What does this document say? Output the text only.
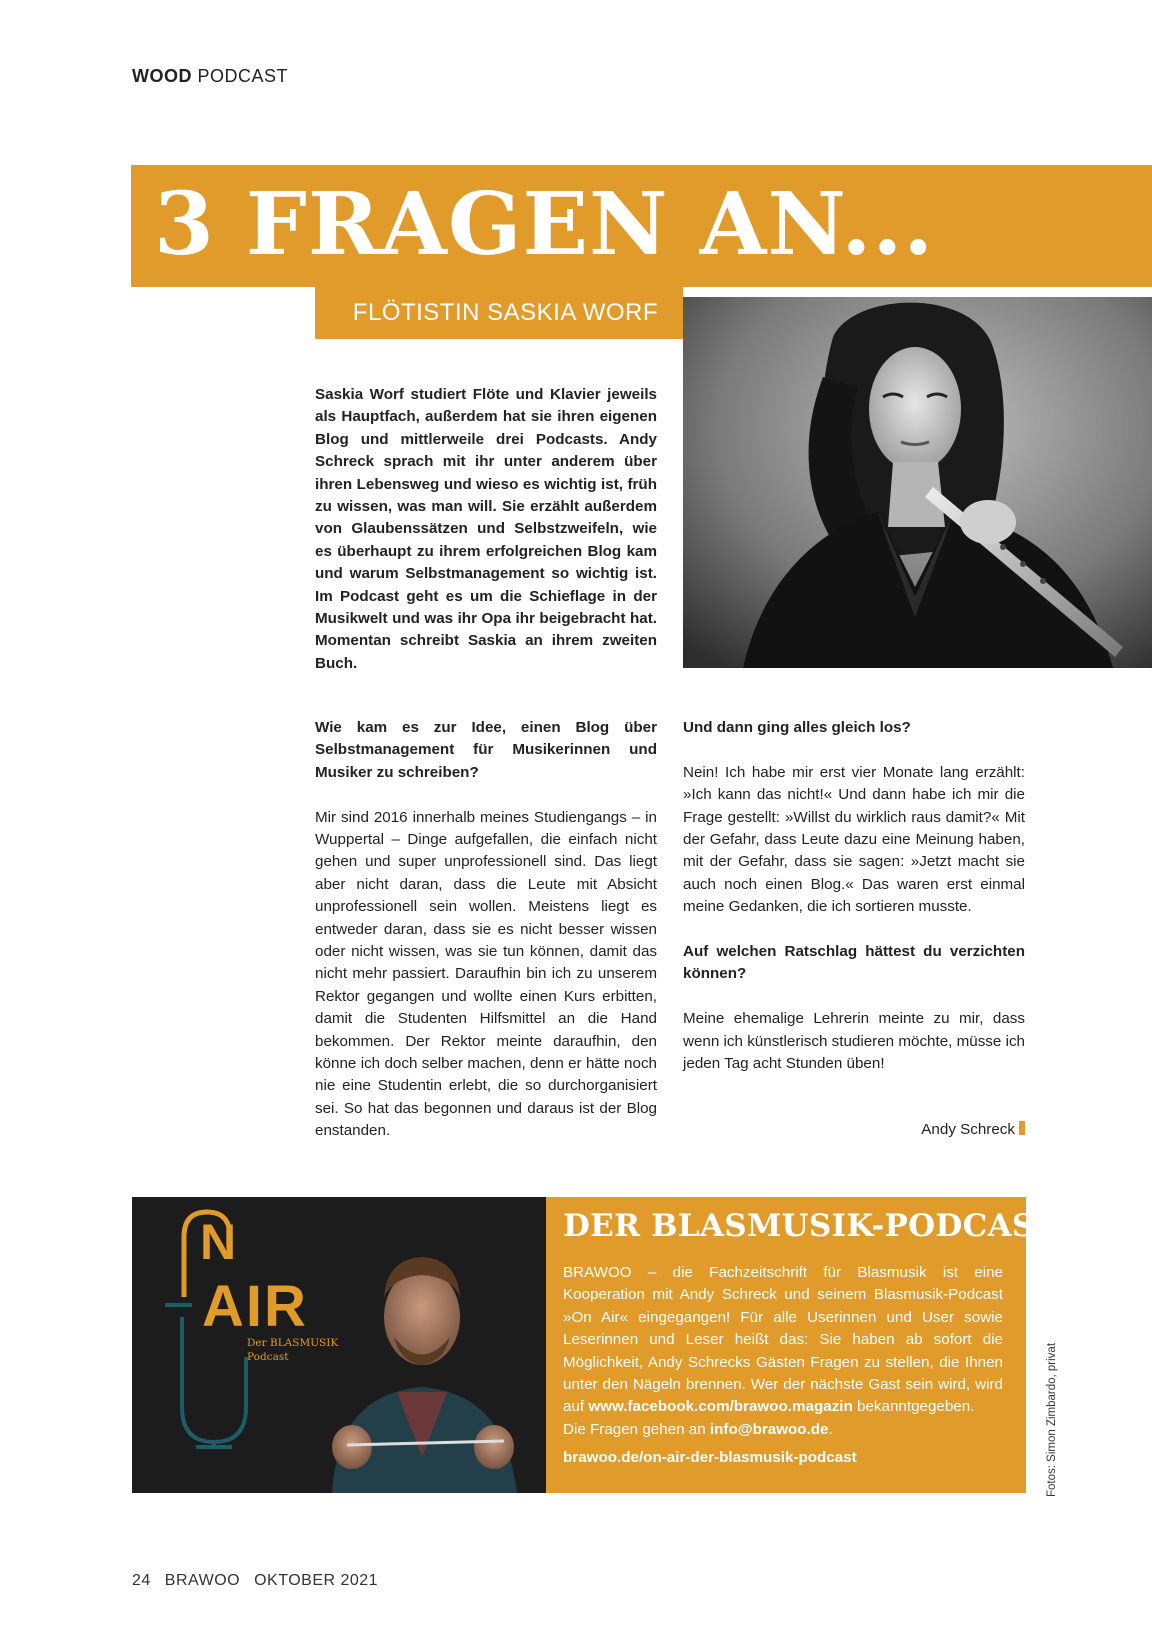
WOOD PODCAST
3 FRAGEN AN...
FLÖTISTIN SASKIA WORF
Saskia Worf studiert Flöte und Klavier jeweils als Hauptfach, außerdem hat sie ihren eigenen Blog und mittlerweile drei Podcasts. Andy Schreck sprach mit ihr unter anderem über ihren Lebensweg und wieso es wichtig ist, früh zu wissen, was man will. Sie erzählt außerdem von Glaubenssätzen und Selbstzweifeln, wie es überhaupt zu ihrem erfolgreichen Blog kam und warum Selbstmanagement so wichtig ist. Im Podcast geht es um die Schieflage in der Musikwelt und was ihr Opa ihr beigebracht hat. Momentan schreibt Saskia an ihrem zweiten Buch.

Wie kam es zur Idee, einen Blog über Selbstmanagement für Musikerinnen und Musiker zu schreiben?

Mir sind 2016 innerhalb meines Studiengangs – in Wuppertal – Dinge aufgefallen, die einfach nicht gehen und super unprofessionell sind. Das liegt aber nicht daran, dass die Leute mit Absicht unprofessionell sein wollen. Meistens liegt es entweder daran, dass sie es nicht besser wissen oder nicht wissen, was sie tun können, damit das nicht mehr passiert. Daraufhin bin ich zu unserem Rektor gegangen und wollte einen Kurs erbitten, damit die Studenten Hilfsmittel an die Hand bekommen. Der Rektor meinte daraufhin, den könne ich doch selber machen, denn er hätte noch nie eine Studentin erlebt, die so durchorganisiert sei. So hat das begonnen und daraus ist der Blog enstanden.

Und dann ging alles gleich los?

Nein! Ich habe mir erst vier Monate lang erzählt: »Ich kann das nicht!« Und dann habe ich mir die Frage gestellt: »Willst du wirklich raus damit?« Mit der Gefahr, dass Leute dazu eine Meinung haben, mit der Gefahr, dass sie sagen: »Jetzt macht sie auch noch einen Blog.« Das waren erst einmal meine Gedanken, die ich sortieren musste.

Auf welchen Ratschlag hättest du verzichten können?

Meine ehemalige Lehrerin meinte zu mir, dass wenn ich künstlerisch studieren möchte, müsse ich jeden Tag acht Stunden üben!

Andy Schreck
N
AIR
Der BLASMUSIK
Podcast
DER BLASMUSIK-PODCAST

BRAWOO – die Fachzeitschrift für Blasmusik ist eine Kooperation mit Andy Schreck und seinem Blasmusik-Podcast »On Air« eingegangen! Für alle Userinnen und User sowie Leserinnen und Leser heißt das: Sie haben ab sofort die Möglichkeit, Andy Schrecks Gästen Fragen zu stellen, die Ihnen unter den Nägeln brennen. Wer der nächste Gast sein wird, wird auf www.facebook.com/brawoo.magazin bekanntgegeben.

Die Fragen gehen an info@brawoo.de.

brawoo.de/on-air-der-blasmusik-podcast	Fotos: Simon Zimbardo, privat
24 BRAWOO OKTOBER 2021
